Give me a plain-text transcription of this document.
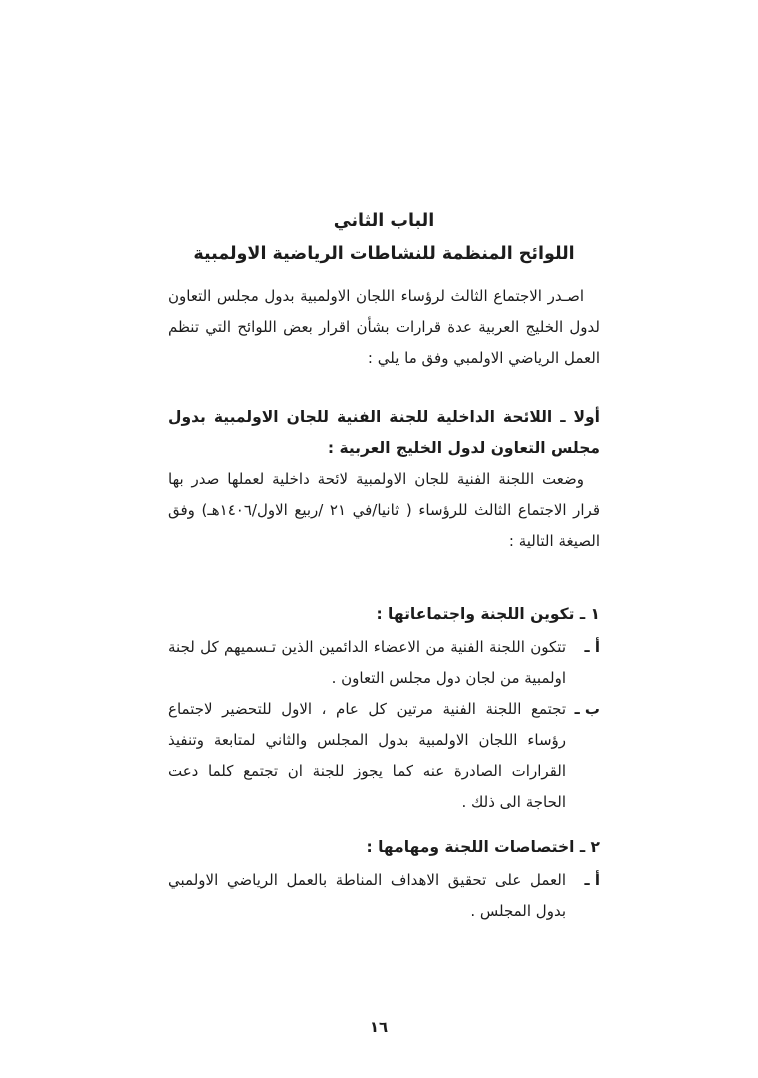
الباب الثاني
اللوائح المنظمة للنشاطات الرياضية الاولمبية

اصـدر الاجتماع الثالث لرؤساء اللجان الاولمبية بدول مجلس التعاون لدول الخليج العربية عدة قرارات بشأن اقرار بعض اللوائح التي تنظم العمل الرياضي الاولمبي وفق ما يلي :

أولا ـ اللائحة الداخلية للجنة الفنية للجان الاولمبية بدول مجلس التعاون لدول الخليج العربية :

وضعت اللجنة الفنية للجان الاولمبية لائحة داخلية لعملها صدر بها قرار الاجتماع الثالث للرؤساء ( ثانيا/في ٢١ /ربيع الاول/١٤٠٦هـ) وفق الصيغة التالية :

١ ـ تكوين اللجنة واجتماعاتها :
أ ـ
تتكون اللجنة الفنية من الاعضاء الدائمين الذين تـسميهم كل لجنة اولمبية من لجان دول مجلس التعاون .
ب ـ
تجتمع اللجنة الفنية مرتين كل عام ، الاول للتحضير لاجتماع رؤساء اللجان الاولمبية بدول المجلس والثاني لمتابعة وتنفيذ القرارات الصادرة عنه كما يجوز للجنة ان تجتمع كلما دعت الحاجة الى ذلك .
٢ ـ اختصاصات اللجنة ومهامها :
أ ـ
العمل على تحقيق الاهداف المناطة بالعمل الرياضي الاولمبي بدول المجلس .
١٦
